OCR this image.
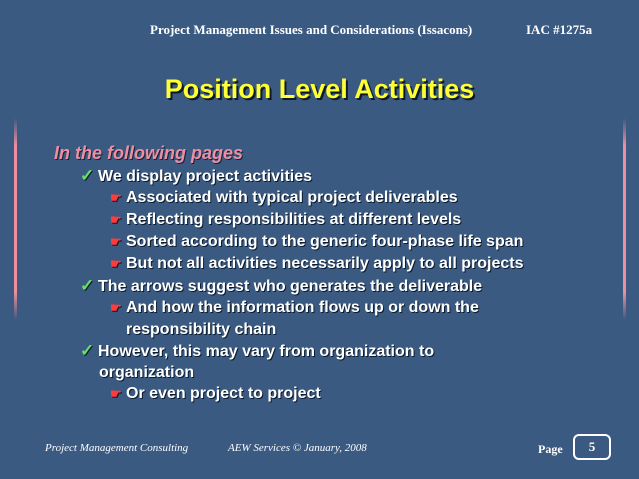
Project Management Issues and Considerations (Issacons)	IAC #1275a
Position Level Activities
In the following pages
✓ We display project activities
☛ Associated with typical project deliverables
☛ Reflecting responsibilities at different levels
☛ Sorted according to the generic four-phase life span
☛ But not all activities necessarily apply to all projects
✓ The arrows suggest who generates the deliverable
☛ And how the information flows up or down the
responsibility chain
✓ However, this may vary from organization to
organization
☛ Or even project to project
Project Management Consulting	AEW Services © January, 2008	Page	5
